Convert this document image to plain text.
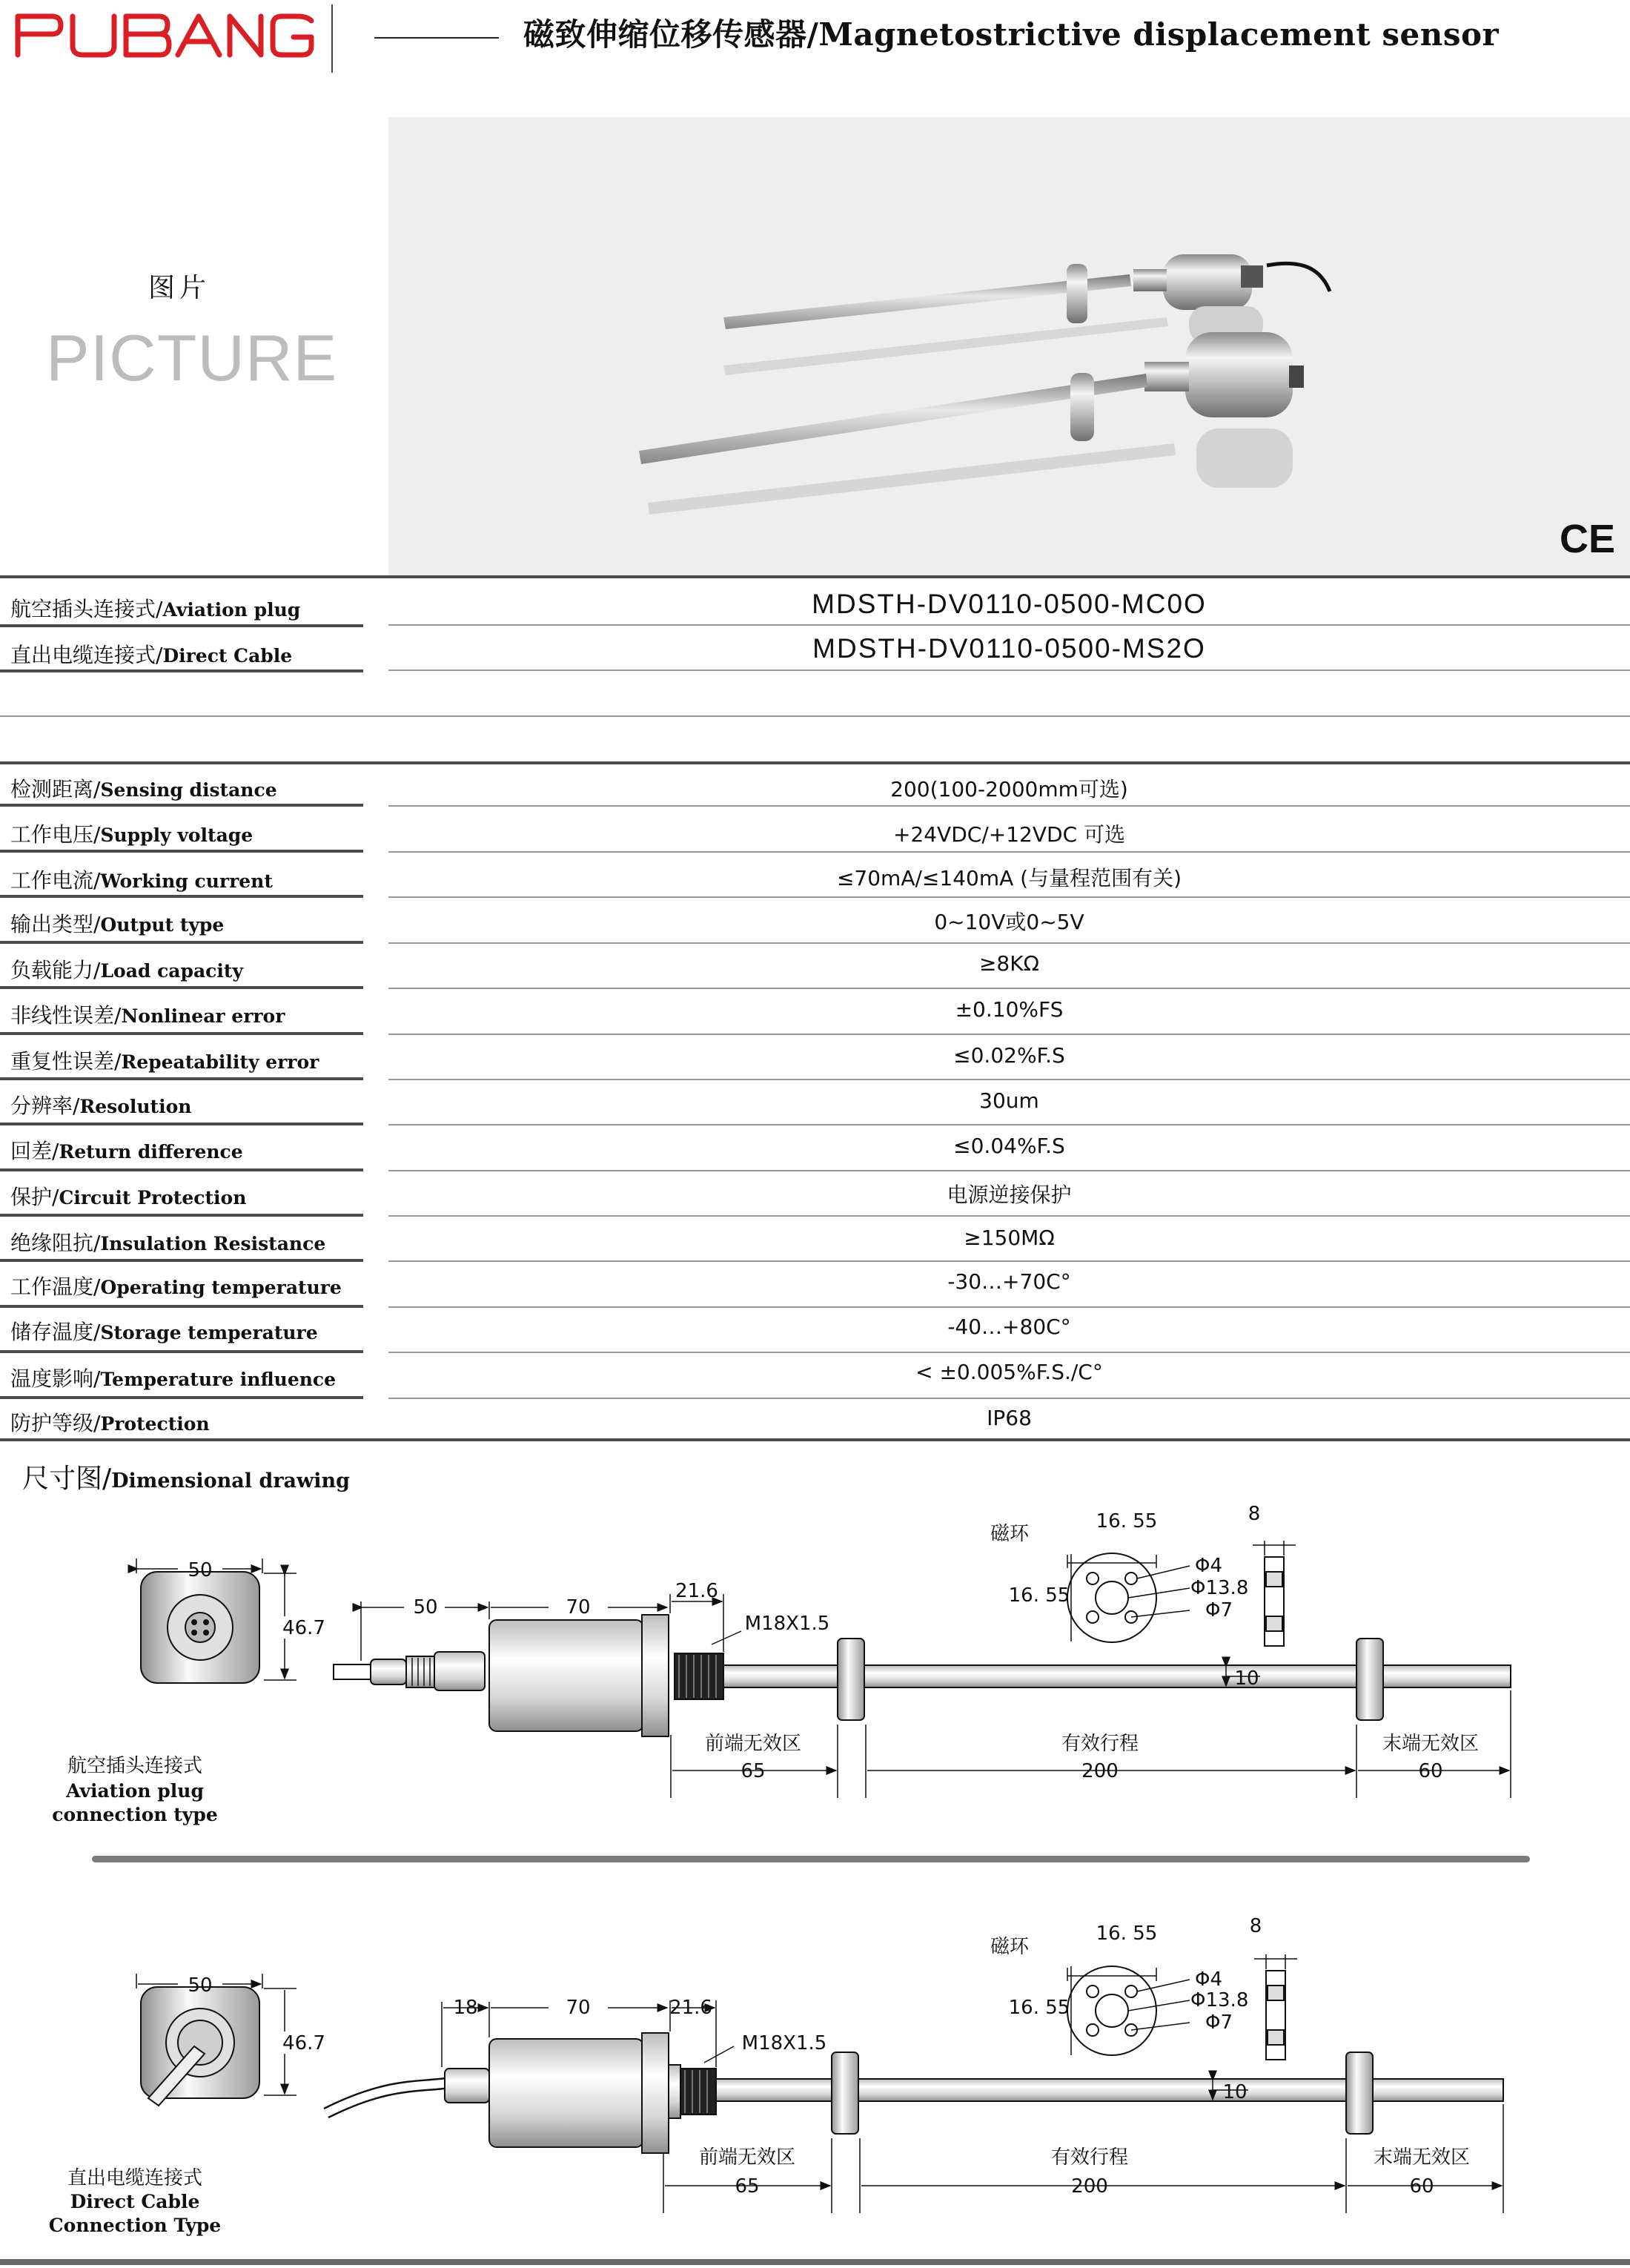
PUBANG	磁致伸缩位移传感器/Magnetostrictive displacement sensor
图片
PICTURE
CE
航空插头连接式/Aviation plug	MDSTH-DV0110-0500-MC0O
直出电缆连接式/Direct Cable	MDSTH-DV0110-0500-MS2O
检测距离/Sensing distance	200(100-2000mm可选)
工作电压/Supply voltage	+24VDC/+12VDC 可选
工作电流/Working current	≤70mA/≤140mA (与量程范围有关)
输出类型/Output type	0~10V或0~5V
负载能力/Load capacity	≥8KΩ
非线性误差/Nonlinear error	±0.10%FS
重复性误差/Repeatability error	≤0.02%F.S
分辨率/Resolution	30um
回差/Return difference	≤0.04%F.S
保护/Circuit Protection	电源逆接保护
绝缘阻抗/Insulation Resistance	≥150MΩ
工作温度/Operating temperature	-30…+70C°
储存温度/Storage temperature	-40…+80C°
温度影响/Temperature influence	< ±0.005%F.S./C°
防护等级/Protection	IP68
尺寸图/Dimensional drawing
50
46.7
50	70
21.6
M18X1.5
10
前端无效区
65
有效行程
200
末端无效区
60
磁环
16. 55
16. 55
Φ4
Φ13.8
Φ7
8
航空插头连接式
Aviation plug
connection type
50
46.7
18	70	21.6
M18X1.5
10
前端无效区
65
有效行程
200
末端无效区
60
磁环
16. 55
16. 55
Φ4
Φ13.8
Φ7
8
直出电缆连接式
Direct Cable
Connection Type
